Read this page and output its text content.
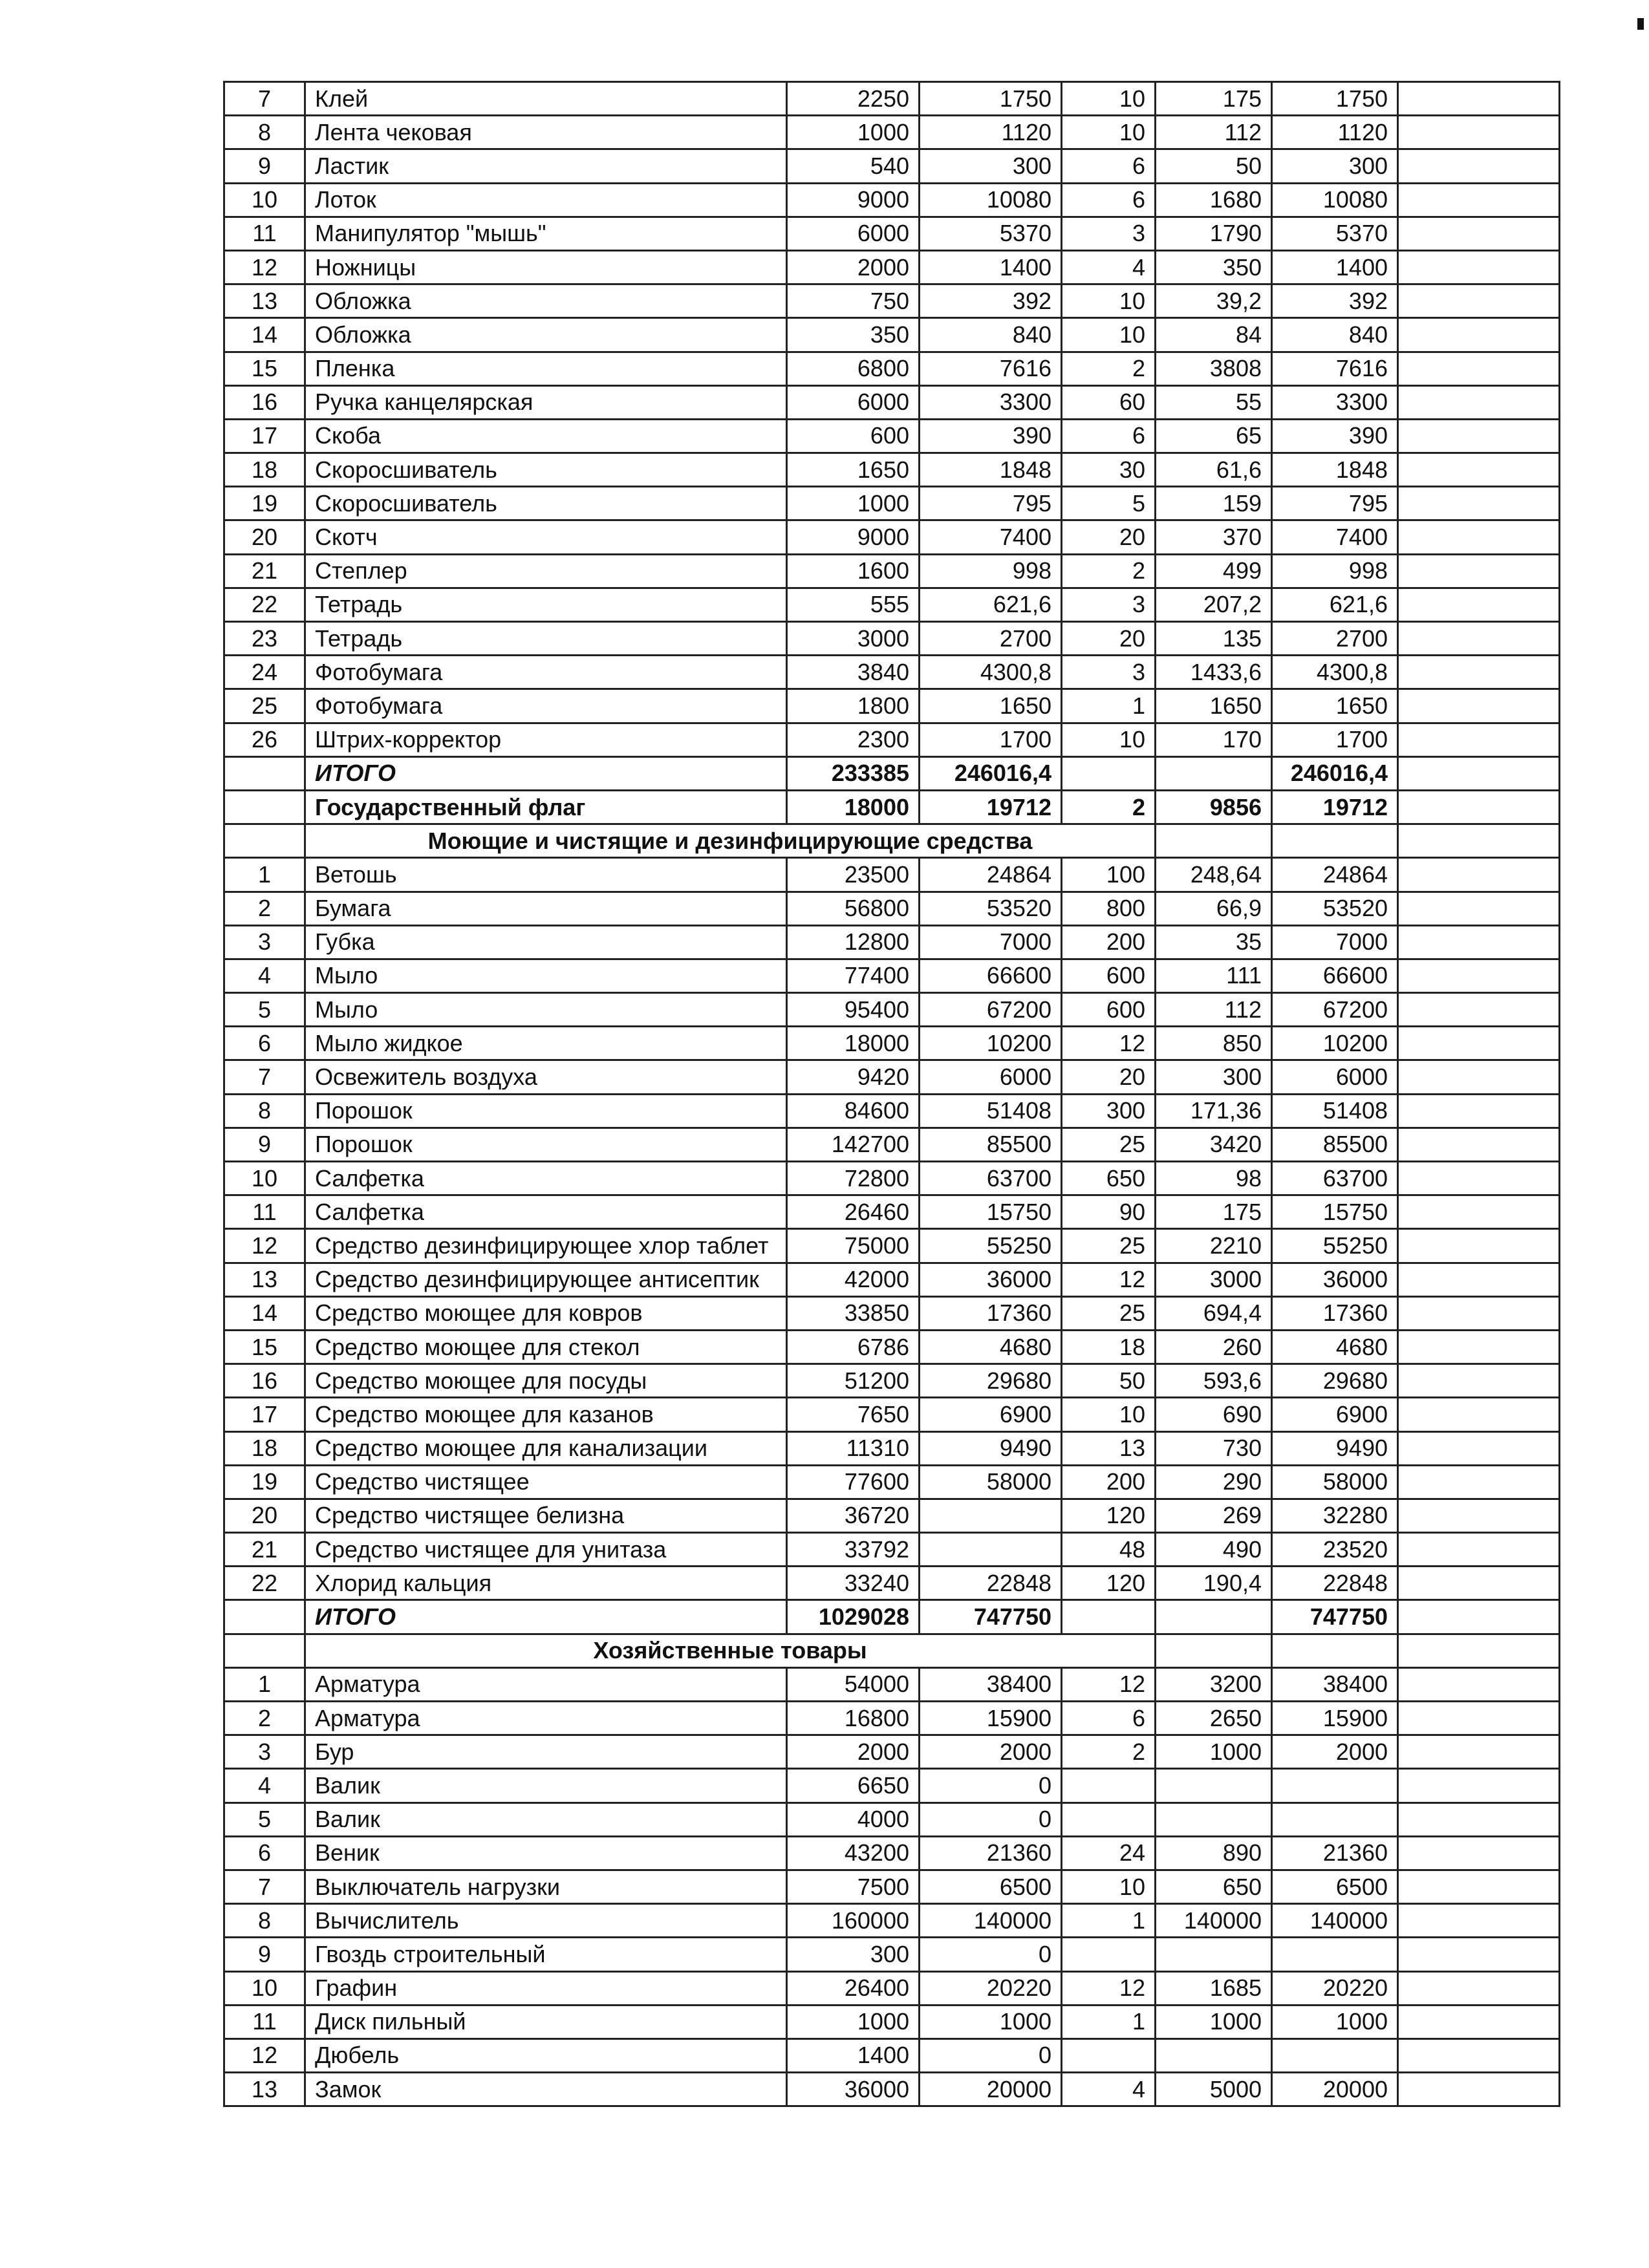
7	Клей	2250	1750	10	175	1750	
8	Лента чековая	1000	1120	10	112	1120	
9	Ластик	540	300	6	50	300	
10	Лоток	9000	10080	6	1680	10080	
11	Манипулятор "мышь"	6000	5370	3	1790	5370	
12	Ножницы	2000	1400	4	350	1400	
13	Обложка	750	392	10	39,2	392	
14	Обложка	350	840	10	84	840	
15	Пленка	6800	7616	2	3808	7616	
16	Ручка канцелярская	6000	3300	60	55	3300	
17	Скоба	600	390	6	65	390	
18	Скоросшиватель	1650	1848	30	61,6	1848	
19	Скоросшиватель	1000	795	5	159	795	
20	Скотч	9000	7400	20	370	7400	
21	Степлер	1600	998	2	499	998	
22	Тетрадь	555	621,6	3	207,2	621,6	
23	Тетрадь	3000	2700	20	135	2700	
24	Фотобумага	3840	4300,8	3	1433,6	4300,8	
25	Фотобумага	1800	1650	1	1650	1650	
26	Штрих-корректор	2300	1700	10	170	1700	
	ИТОГО	233385	246016,4			246016,4	
	Государственный флаг	18000	19712	2	9856	19712	
	Моющие и чистящие и дезинфицирующие средства						
1	Ветошь	23500	24864	100	248,64	24864	
2	Бумага	56800	53520	800	66,9	53520	
3	Губка	12800	7000	200	35	7000	
4	Мыло	77400	66600	600	111	66600	
5	Мыло	95400	67200	600	112	67200	
6	Мыло жидкое	18000	10200	12	850	10200	
7	Освежитель воздуха	9420	6000	20	300	6000	
8	Порошок	84600	51408	300	171,36	51408	
9	Порошок	142700	85500	25	3420	85500	
10	Салфетка	72800	63700	650	98	63700	
11	Салфетка	26460	15750	90	175	15750	
12	Средство дезинфицирующее хлор таблет	75000	55250	25	2210	55250	
13	Средство дезинфицирующее антисептик	42000	36000	12	3000	36000	
14	Средство моющее для ковров	33850	17360	25	694,4	17360	
15	Средство моющее для стекол	6786	4680	18	260	4680	
16	Средство моющее для посуды	51200	29680	50	593,6	29680	
17	Средство моющее для казанов	7650	6900	10	690	6900	
18	Средство моющее для канализации	11310	9490	13	730	9490	
19	Средство чистящее	77600	58000	200	290	58000	
20	Средство чистящее белизна	36720		120	269	32280	
21	Средство чистящее для унитаза	33792		48	490	23520	
22	Хлорид кальция	33240	22848	120	190,4	22848	
	ИТОГО	1029028	747750			747750	
	Хозяйственные товары						
1	Арматура	54000	38400	12	3200	38400	
2	Арматура	16800	15900	6	2650	15900	
3	Бур	2000	2000	2	1000	2000	
4	Валик	6650	0				
5	Валик	4000	0				
6	Веник	43200	21360	24	890	21360	
7	Выключатель нагрузки	7500	6500	10	650	6500	
8	Вычислитель	160000	140000	1	140000	140000	
9	Гвоздь строительный	300	0				
10	Графин	26400	20220	12	1685	20220	
11	Диск пильный	1000	1000	1	1000	1000	
12	Дюбель	1400	0				
13	Замок	36000	20000	4	5000	20000	
